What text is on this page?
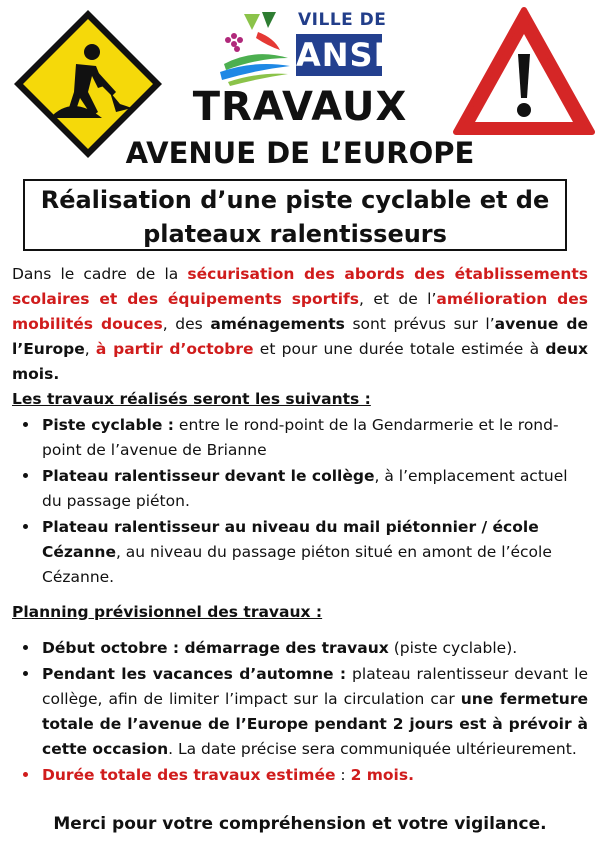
VILLE DE
ANSE
TRAVAUX
AVENUE DE L’EUROPE
Réalisation d’une piste cyclable et de plateaux ralentisseurs

Dans le cadre de la sécurisation des abords des établissements scolaires et des équipements sportifs, et de l’amélioration des mobilités douces, des aménagements sont prévus sur l’avenue de l’Europe, à partir d’octobre et pour une durée totale estimée à deux mois.

Les travaux réalisés seront les suivants :

• Piste cyclable : entre le rond-point de la Gendarmerie et le rond-point de l’avenue de Brianne
• Plateau ralentisseur devant le collège, à l’emplacement actuel du passage piéton.
• Plateau ralentisseur au niveau du mail piétonnier / école Cézanne, au niveau du passage piéton situé en amont de l’école Cézanne.

Planning prévisionnel des travaux :

• Début octobre : démarrage des travaux (piste cyclable).
• Pendant les vacances d’automne : plateau ralentisseur devant le collège, afin de limiter l’impact sur la circulation car une fermeture totale de l’avenue de l’Europe pendant 2 jours est à prévoir à cette occasion. La date précise sera communiquée ultérieurement.
• Durée totale des travaux estimée : 2 mois.
Merci pour votre compréhension et votre vigilance.
